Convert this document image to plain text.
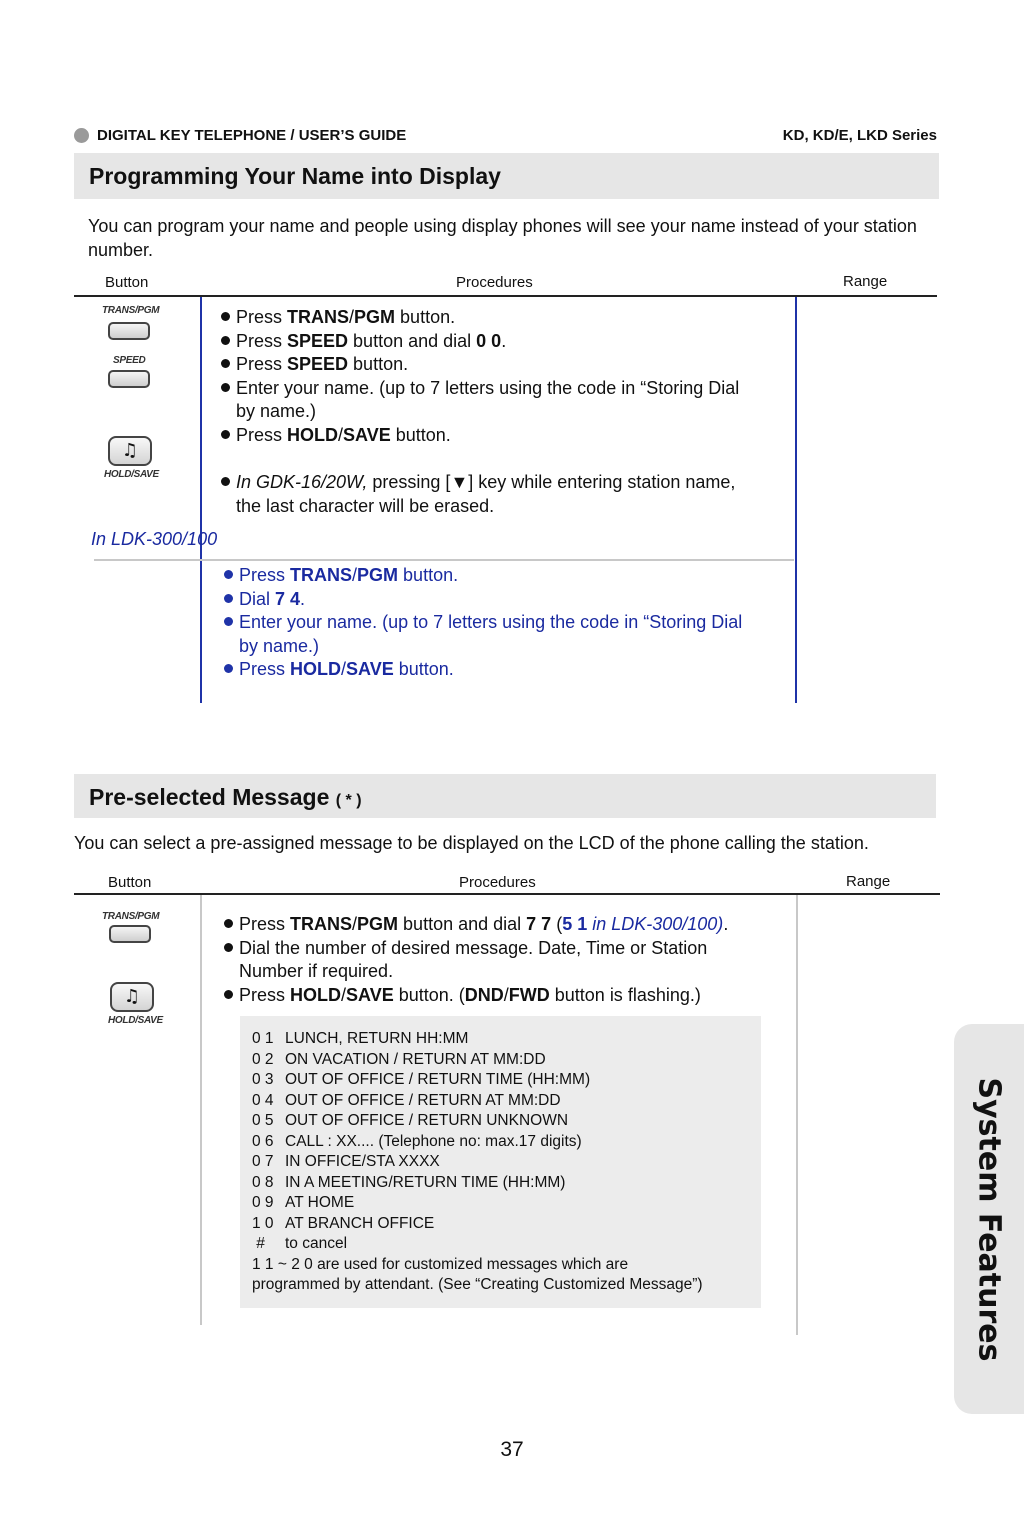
DIGITAL KEY TELEPHONE / USER’S GUIDE	KD, KD/E, LKD Series
Programming Your Name into Display
You can program your name and people using display phones will see your name instead of your station number.
Button	Procedures	Range
TRANS/PGM
SPEED
♫
HOLD/SAVE
Press TRANS/PGM button.
Press SPEED button and dial 0 0.
Press SPEED button.
Enter your name. (up to 7 letters using the code in “Storing Dial
by name.)
Press HOLD/SAVE button.
In GDK-16/20W, pressing [▼] key while entering station name,
the last character will be erased.
In LDK-300/100
Press TRANS/PGM button.
Dial 7 4.
Enter your name. (up to 7 letters using the code in “Storing Dial
by name.)
Press HOLD/SAVE button.
Pre-selected Message ( * )
You can select a pre-assigned message to be displayed on the LCD of the phone calling the station.
Button	Procedures	Range
TRANS/PGM
♫
HOLD/SAVE
Press TRANS/PGM button and dial 7 7 (5 1 in LDK-300/100).
Dial the number of desired message. Date, Time or Station
Number if required.
Press HOLD/SAVE button. (DND/FWD button is flashing.)
0 1 LUNCH, RETURN HH:MM
0 2 ON VACATION / RETURN AT MM:DD
0 3 OUT OF OFFICE / RETURN TIME (HH:MM)
0 4 OUT OF OFFICE / RETURN AT MM:DD
0 5 OUT OF OFFICE / RETURN UNKNOWN
0 6 CALL : XX.... (Telephone no: max.17 digits)
0 7 IN OFFICE/STA XXXX
0 8 IN A MEETING/RETURN TIME (HH:MM)
0 9 AT HOME
1 0 AT BRANCH OFFICE
# to cancel
1 1 ~ 2 0 are used for customized messages which are
programmed by attendant. (See “Creating Customized Message”)	System Features
37
